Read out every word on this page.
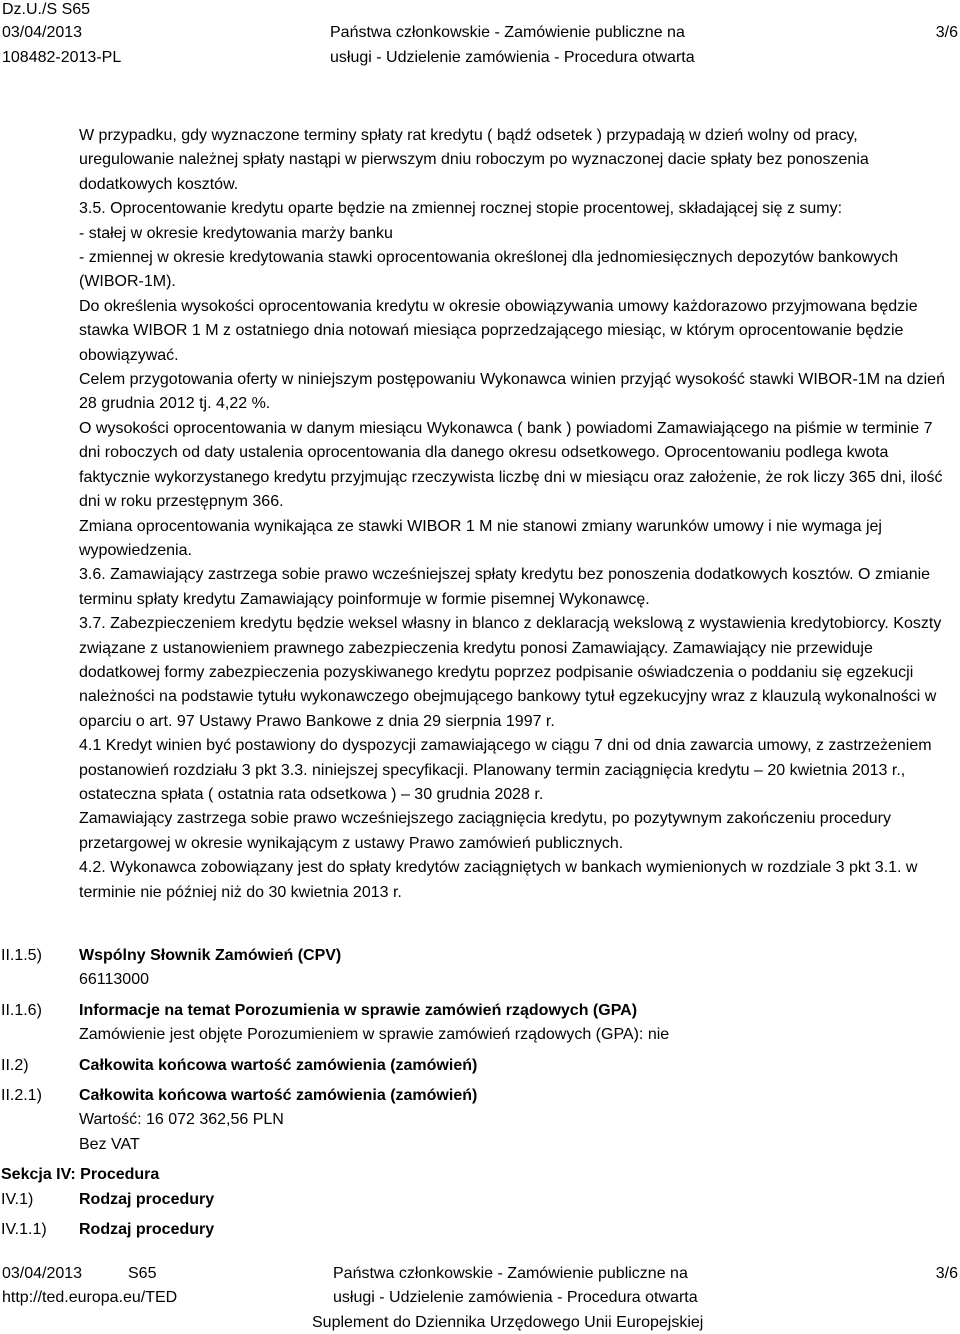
Dz.U./S S65
03/04/2013
108482-2013-PL
Państwa członkowskie - Zamówienie publiczne na
usługi - Udzielenie zamówienia - Procedura otwarta
3/6

W przypadku, gdy wyznaczone terminy spłaty rat kredytu ( bądź odsetek ) przypadają w dzień wolny od pracy, uregulowanie należnej spłaty nastąpi w pierwszym dniu roboczym po wyznaczonej dacie spłaty bez ponoszenia dodatkowych kosztów.

3.5. Oprocentowanie kredytu oparte będzie na zmiennej rocznej stopie procentowej, składającej się z sumy:

- stałej w okresie kredytowania marży banku

- zmiennej w okresie kredytowania stawki oprocentowania określonej dla jednomiesięcznych depozytów bankowych (WIBOR-1M).

Do określenia wysokości oprocentowania kredytu w okresie obowiązywania umowy każdorazowo przyjmowana będzie stawka WIBOR 1 M z ostatniego dnia notowań miesiąca poprzedzającego miesiąc, w którym oprocentowanie będzie obowiązywać.

Celem przygotowania oferty w niniejszym postępowaniu Wykonawca winien przyjąć wysokość stawki WIBOR-1M na dzień 28 grudnia 2012 tj. 4,22 %.

O wysokości oprocentowania w danym miesiącu Wykonawca ( bank ) powiadomi Zamawiającego na piśmie w terminie 7 dni roboczych od daty ustalenia oprocentowania dla danego okresu odsetkowego. Oprocentowaniu podlega kwota faktycznie wykorzystanego kredytu przyjmując rzeczywista liczbę dni w miesiącu oraz założenie, że rok liczy 365 dni, ilość dni w roku przestępnym 366.

Zmiana oprocentowania wynikająca ze stawki WIBOR 1 M nie stanowi zmiany warunków umowy i nie wymaga jej wypowiedzenia.

3.6. Zamawiający zastrzega sobie prawo wcześniejszej spłaty kredytu bez ponoszenia dodatkowych kosztów. O zmianie terminu spłaty kredytu Zamawiający poinformuje w formie pisemnej Wykonawcę.

3.7. Zabezpieczeniem kredytu będzie weksel własny in blanco z deklaracją wekslową z wystawienia kredytobiorcy. Koszty związane z ustanowieniem prawnego zabezpieczenia kredytu ponosi Zamawiający. Zamawiający nie przewiduje dodatkowej formy zabezpieczenia pozyskiwanego kredytu poprzez podpisanie oświadczenia o poddaniu się egzekucji należności na podstawie tytułu wykonawczego obejmującego bankowy tytuł egzekucyjny wraz z klauzulą wykonalności w oparciu o art. 97 Ustawy Prawo Bankowe z dnia 29 sierpnia 1997 r.

4.1 Kredyt winien być postawiony do dyspozycji zamawiającego w ciągu 7 dni od dnia zawarcia umowy, z zastrzeżeniem postanowień rozdziału 3 pkt 3.3. niniejszej specyfikacji. Planowany termin zaciągnięcia kredytu – 20 kwietnia 2013 r., ostateczna spłata ( ostatnia rata odsetkowa ) – 30 grudnia 2028 r.

Zamawiający zastrzega sobie prawo wcześniejszego zaciągnięcia kredytu, po pozytywnym zakończeniu procedury przetargowej w okresie wynikającym z ustawy Prawo zamówień publicznych.

4.2. Wykonawca zobowiązany jest do spłaty kredytów zaciągniętych w bankach wymienionych w rozdziale 3 pkt 3.1. w terminie nie później niż do 30 kwietnia 2013 r.

II.1.5) Wspólny Słownik Zamówień (CPV)
66113000
II.1.6) Informacje na temat Porozumienia w sprawie zamówień rządowych (GPA)
Zamówienie jest objęte Porozumieniem w sprawie zamówień rządowych (GPA): nie
II.2)	Całkowita końcowa wartość zamówienia (zamówień)
II.2.1) Całkowita końcowa wartość zamówienia (zamówień)
Wartość: 16 072 362,56 PLN
Bez VAT
Sekcja IV: Procedura
IV.1)	Rodzaj procedury
IV.1.1) Rodzaj procedury
03/04/2013	S65
http://ted.europa.eu/TED
Państwa członkowskie - Zamówienie publiczne na
usługi - Udzielenie zamówienia - Procedura otwarta
Suplement do Dziennika Urzędowego Unii Europejskiej
3/6
